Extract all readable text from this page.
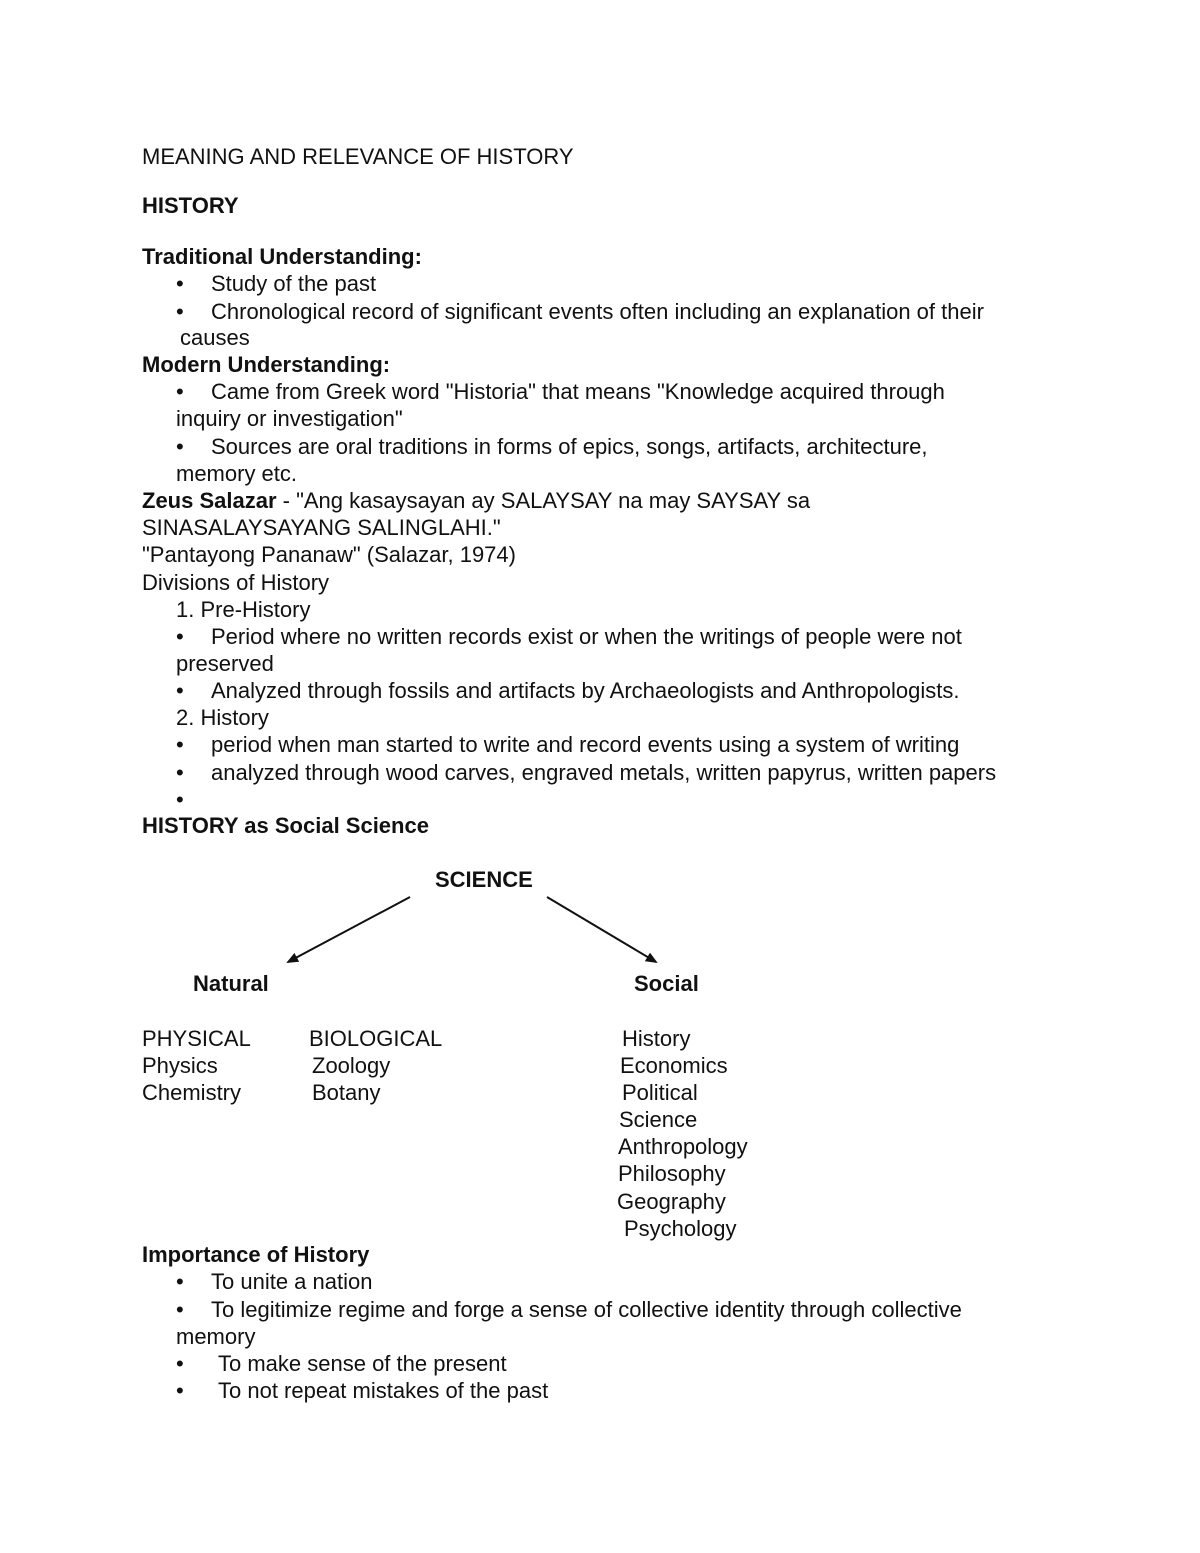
MEANING AND RELEVANCE OF HISTORY
HISTORY
Traditional Understanding:
• Study of the past
• Chronological record of significant events often including an explanation of their
causes
Modern Understanding:
• Came from Greek word "Historia" that means "Knowledge acquired through
inquiry or investigation"
• Sources are oral traditions in forms of epics, songs, artifacts, architecture,
memory etc.
Zeus Salazar - "Ang kasaysayan ay SALAYSAY na may SAYSAY sa
SINASALAYSAYANG SALINGLAHI."
"Pantayong Pananaw" (Salazar, 1974)
Divisions of History
1. Pre-History
• Period where no written records exist or when the writings of people were not
preserved
• Analyzed through fossils and artifacts by Archaeologists and Anthropologists.
2. History
• period when man started to write and record events using a system of writing
• analyzed through wood carves, engraved metals, written papyrus, written papers
•
HISTORY as Social Science
SCIENCE
Natural	Social
PHYSICAL
Physics
Chemistry
BIOLOGICAL
Zoology
Botany
History
Economics
Political
Science
Anthropology
Philosophy
Geography
Psychology
Importance of History
• To unite a nation
• To legitimize regime and forge a sense of collective identity through collective
memory
• To make sense of the present
• To not repeat mistakes of the past
